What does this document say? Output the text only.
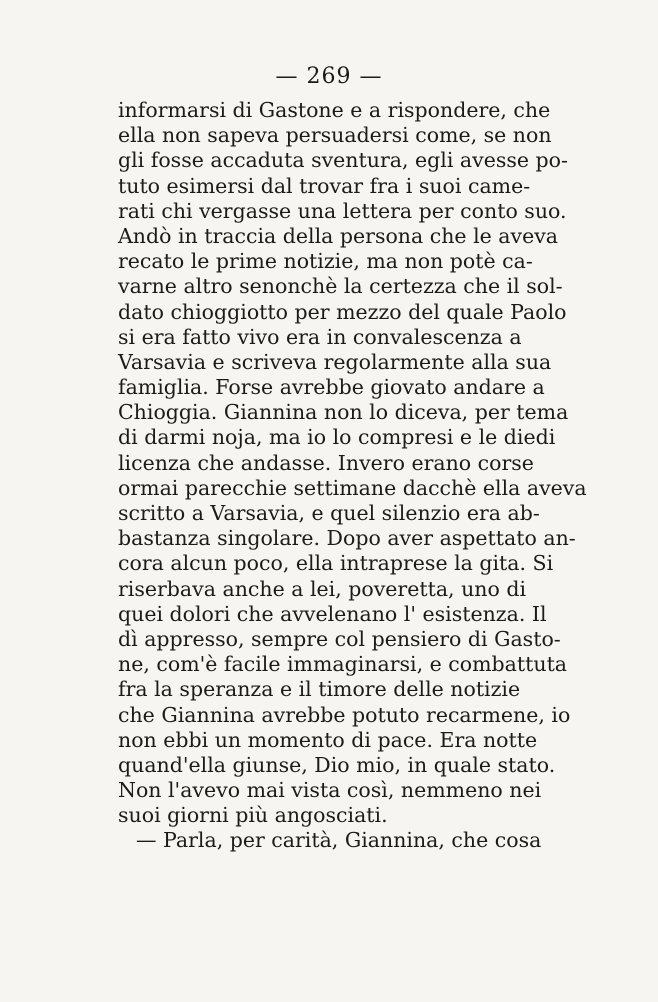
— 269 —
informarsi di Gastone e a rispondere, che
ella non sapeva persuadersi come, se non
gli fosse accaduta sventura, egli avesse po-
tuto esimersi dal trovar fra i suoi came-
rati chi vergasse una lettera per conto suo.
Andò in traccia della persona che le aveva
recato le prime notizie, ma non potè ca-
varne altro senonchè la certezza che il sol-
dato chioggiotto per mezzo del quale Paolo
si era fatto vivo era in convalescenza a
Varsavia e scriveva regolarmente alla sua
famiglia. Forse avrebbe giovato andare a
Chioggia. Giannina non lo diceva, per tema
di darmi noja, ma io lo compresi e le diedi
licenza che andasse. Invero erano corse
ormai parecchie settimane dacchè ella aveva
scritto a Varsavia, e quel silenzio era ab-
bastanza singolare. Dopo aver aspettato an-
cora alcun poco, ella intraprese la gita. Si
riserbava anche a lei, poveretta, uno di
quei dolori che avvelenano l' esistenza. Il
dì appresso, sempre col pensiero di Gasto-
ne, com'è facile immaginarsi, e combattuta
fra la speranza e il timore delle notizie
che Giannina avrebbe potuto recarmene, io
non ebbi un momento di pace. Era notte
quand'ella giunse, Dio mio, in quale stato.
Non l'avevo mai vista così, nemmeno nei
suoi giorni più angosciati.
— Parla, per carità, Giannina, che cosa
